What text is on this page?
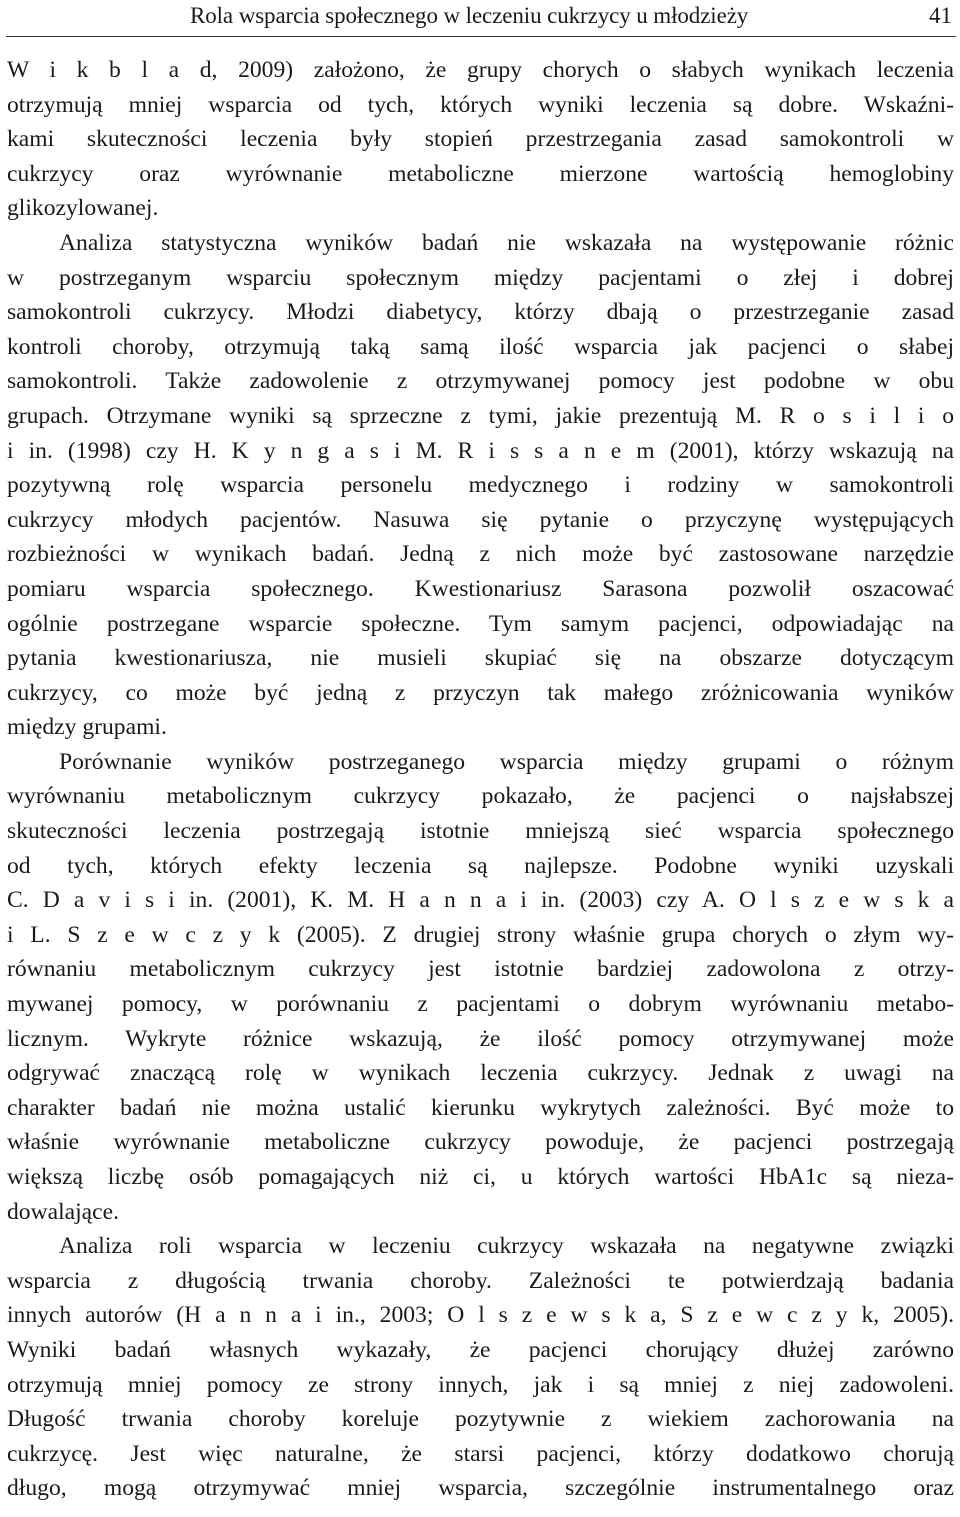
Rola wsparcia społecznego w leczeniu cukrzycy u młodzieży	41
W i k b l a d, 2009) założono, że grupy chorych o słabych wynikach leczenia
otrzymują mniej wsparcia od tych, których wyniki leczenia są dobre. Wskaźni-
kami skuteczności leczenia były stopień przestrzegania zasad samokontroli w
cukrzycy oraz wyrównanie metaboliczne mierzone wartością hemoglobiny
glikozylowanej.
Analiza statystyczna wyników badań nie wskazała na występowanie różnic
w postrzeganym wsparciu społecznym między pacjentami o złej i dobrej
samokontroli cukrzycy. Młodzi diabetycy, którzy dbają o przestrzeganie zasad
kontroli choroby, otrzymują taką samą ilość wsparcia jak pacjenci o słabej
samokontroli. Także zadowolenie z otrzymywanej pomocy jest podobne w obu
grupach. Otrzymane wyniki są sprzeczne z tymi, jakie prezentują M. R o s i l i o
i in. (1998) czy H. K y n g a s i M. R i s s a n e m (2001), którzy wskazują na
pozytywną rolę wsparcia personelu medycznego i rodziny w samokontroli
cukrzycy młodych pacjentów. Nasuwa się pytanie o przyczynę występujących
rozbieżności w wynikach badań. Jedną z nich może być zastosowane narzędzie
pomiaru wsparcia społecznego. Kwestionariusz Sarasona pozwolił oszacować
ogólnie postrzegane wsparcie społeczne. Tym samym pacjenci, odpowiadając na
pytania kwestionariusza, nie musieli skupiać się na obszarze dotyczącym
cukrzycy, co może być jedną z przyczyn tak małego zróżnicowania wyników
między grupami.
Porównanie wyników postrzeganego wsparcia między grupami o różnym
wyrównaniu metabolicznym cukrzycy pokazało, że pacjenci o najsłabszej
skuteczności leczenia postrzegają istotnie mniejszą sieć wsparcia społecznego
od tych, których efekty leczenia są najlepsze. Podobne wyniki uzyskali
C. D a v i s i in. (2001), K. M. H a n n a i in. (2003) czy A. O l s z e w s k a
i L. S z e w c z y k (2005). Z drugiej strony właśnie grupa chorych o złym wy-
równaniu metabolicznym cukrzycy jest istotnie bardziej zadowolona z otrzy-
mywanej pomocy, w porównaniu z pacjentami o dobrym wyrównaniu metabo-
licznym. Wykryte różnice wskazują, że ilość pomocy otrzymywanej może
odgrywać znaczącą rolę w wynikach leczenia cukrzycy. Jednak z uwagi na
charakter badań nie można ustalić kierunku wykrytych zależności. Być może to
właśnie wyrównanie metaboliczne cukrzycy powoduje, że pacjenci postrzegają
większą liczbę osób pomagających niż ci, u których wartości HbA1c są nieza-
dowalające.
Analiza roli wsparcia w leczeniu cukrzycy wskazała na negatywne związki
wsparcia z długością trwania choroby. Zależności te potwierdzają badania
innych autorów (H a n n a i in., 2003; O l s z e w s k a, S z e w c z y k, 2005).
Wyniki badań własnych wykazały, że pacjenci chorujący dłużej zarówno
otrzymują mniej pomocy ze strony innych, jak i są mniej z niej zadowoleni.
Długość trwania choroby koreluje pozytywnie z wiekiem zachorowania na
cukrzycę. Jest więc naturalne, że starsi pacjenci, którzy dodatkowo chorują
długo, mogą otrzymywać mniej wsparcia, szczególnie instrumentalnego oraz
